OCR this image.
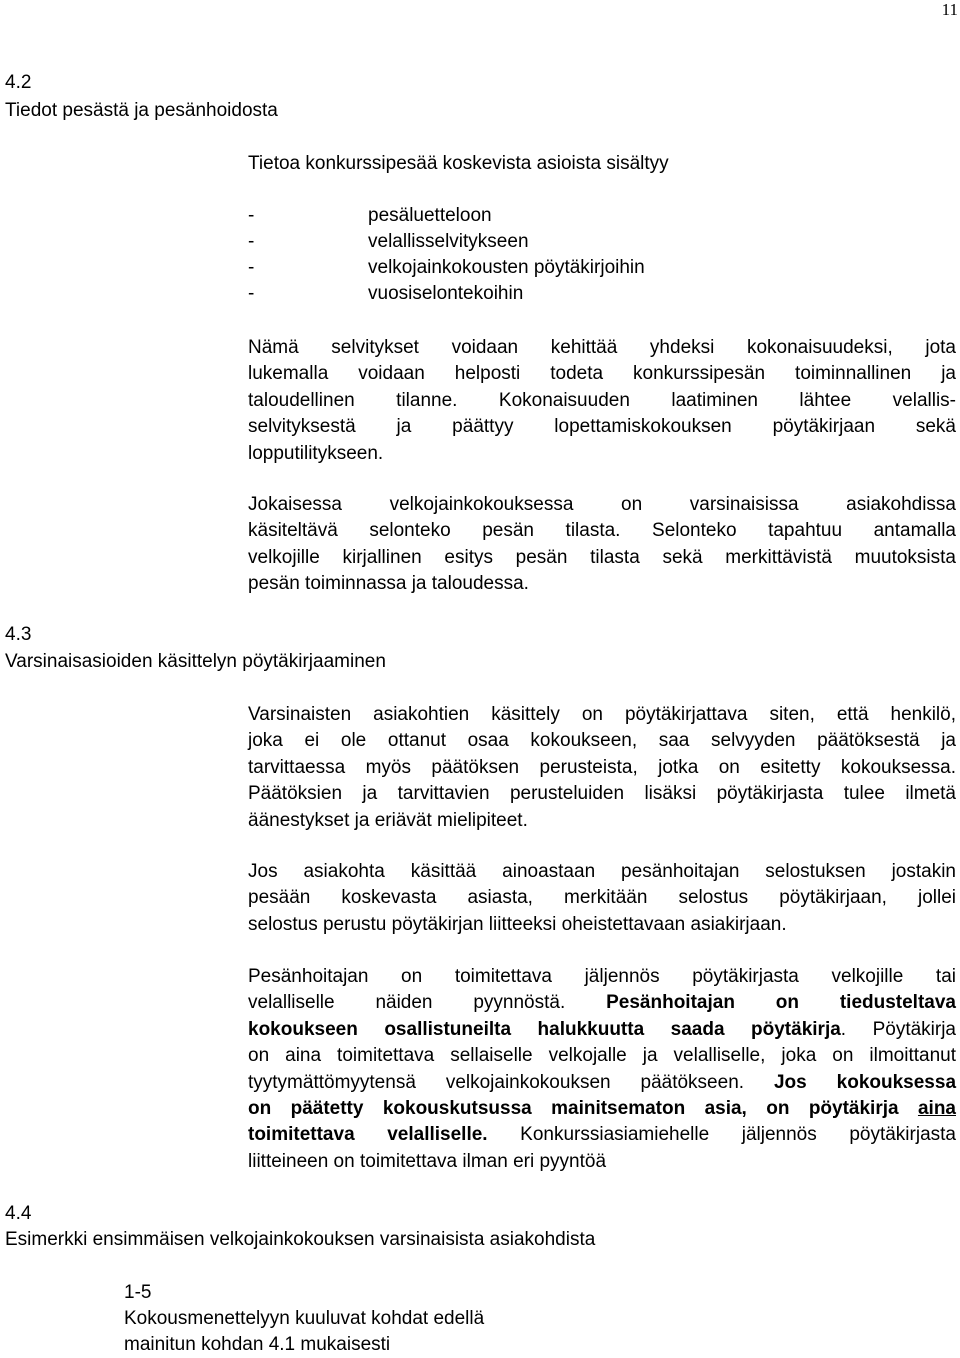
11
4.2
Tiedot pesästä ja pesänhoidosta
Tietoa konkurssipesää koskevista asioista sisältyy
-	pesäluetteloon
-	velallisselvitykseen
-	velkojainkokousten pöytäkirjoihin
-	vuosiselontekoihin

Nämä selvitykset voidaan kehittää yhdeksi kokonaisuudeksi, jota
lukemalla voidaan helposti todeta konkurssipesän toiminnallinen ja
taloudellinen tilanne. Kokonaisuuden laatiminen lähtee velallis-
selvityksestä ja päättyy lopettamiskokouksen pöytäkirjaan sekä
lopputilitykseen.

Jokaisessa velkojainkokouksessa on varsinaisissa asiakohdissa
käsiteltävä selonteko pesän tilasta. Selonteko tapahtuu antamalla
velkojille kirjallinen esitys pesän tilasta sekä merkittävistä muutoksista
pesän toiminnassa ja taloudessa.

4.3
Varsinaisasioiden käsittelyn pöytäkirjaaminen

Varsinaisten asiakohtien käsittely on pöytäkirjattava siten, että henkilö,
joka ei ole ottanut osaa kokoukseen, saa selvyyden päätöksestä ja
tarvittaessa myös päätöksen perusteista, jotka on esitetty kokouksessa.
Päätöksien ja tarvittavien perusteluiden lisäksi pöytäkirjasta tulee ilmetä
äänestykset ja eriävät mielipiteet.

Jos asiakohta käsittää ainoastaan pesänhoitajan selostuksen jostakin
pesään koskevasta asiasta, merkitään selostus pöytäkirjaan, jollei
selostus perustu pöytäkirjan liitteeksi oheistettavaan asiakirjaan.

Pesänhoitajan on toimitettava jäljennös pöytäkirjasta velkojille tai
velalliselle näiden pyynnöstä. Pesänhoitajan on tiedusteltava
kokoukseen osallistuneilta halukkuutta saada pöytäkirja. Pöytäkirja
on aina toimitettava sellaiselle velkojalle ja velalliselle, joka on ilmoittanut
tyytymättömyytensä velkojainkokouksen päätökseen. Jos kokouksessa
on päätetty kokouskutsussa mainitsematon asia, on pöytäkirja aina
toimitettava velalliselle. Konkurssiasiamiehelle jäljennös pöytäkirjasta
liitteineen on toimitettava ilman eri pyyntöä

4.4
Esimerkki ensimmäisen velkojainkokouksen varsinaisista asiakohdista
1-5
Kokousmenettelyyn kuuluvat kohdat edellä
mainitun kohdan 4.1 mukaisesti
